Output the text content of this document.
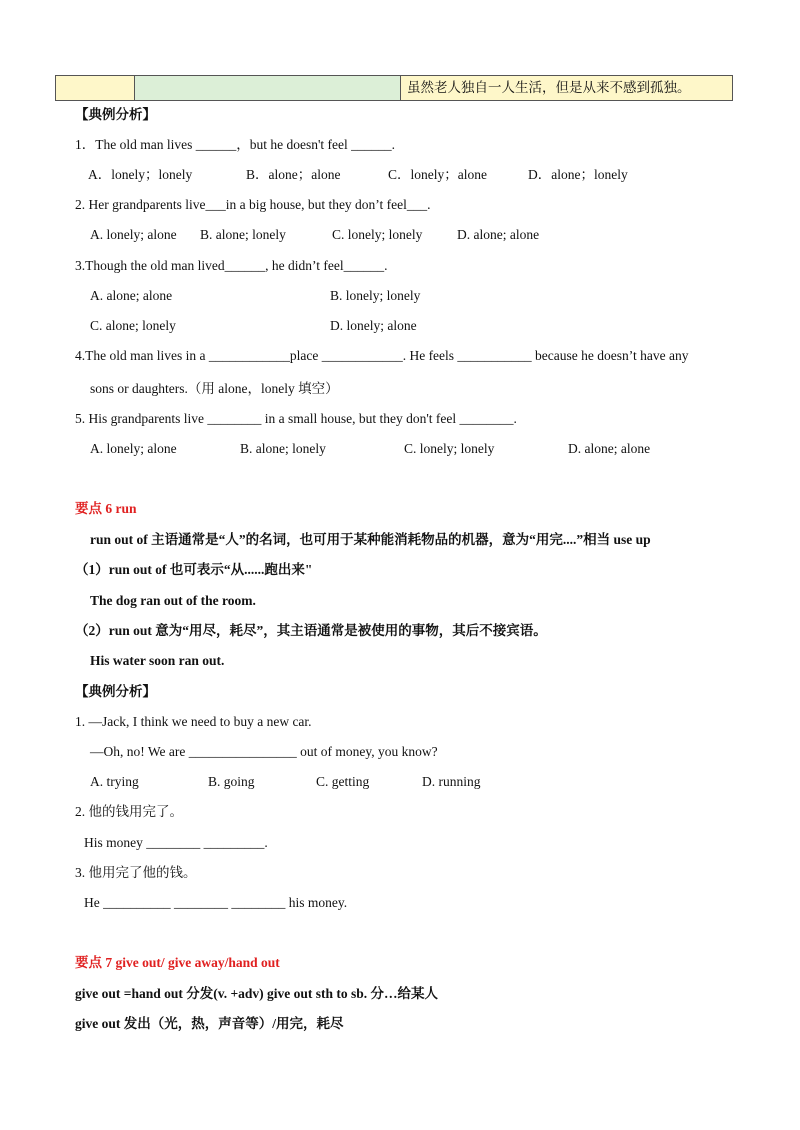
虽然老人独自一人生活，但是从来不感到孤独。
【典例分析】
1．The old man lives ______，but he doesn't feel ______.
A．lonely；lonely	B．alone；alone	C．lonely；alone	D．alone；lonely
2. Her grandparents live___in a big house, but they don’t feel___.
A. lonely; alone B. alone; lonely	C. lonely; lonely	D. alone; alone
3.Though the old man lived______, he didn’t feel______.
A. alone; alone	B. lonely; lonely
C. alone; lonely	D. lonely; alone
4.The old man lives in a ____________place ____________. He feels ___________ because he doesn’t have any
sons or daughters.（用 alone，lonely 填空）
5. His grandparents live ________ in a small house, but they don't feel ________.
A. lonely; alone	B. alone; lonely	C. lonely; lonely	D. alone; alone
要点 6 run
run out of 主语通常是“人”的名词，也可用于某种能消耗物品的机器，意为“用完....”相当 use up
（1）run out of 也可表示“从......跑出来"
The dog ran out of the room.
（2）run out 意为“用尽，耗尽”，其主语通常是被使用的事物，其后不接宾语。
His water soon ran out.
【典例分析】
1. —Jack, I think we need to buy a new car.
—Oh, no! We are ________________ out of money, you know?
A. trying	B. going	C. getting	D. running
2. 他的钱用完了。
His money ________ _________.
3. 他用完了他的钱。
He __________ ________ ________ his money.
要点 7 give out/ give away/hand out
give out =hand out 分发(v. +adv) give out sth to sb. 分…给某人
give out 发出（光，热，声音等）/用完，耗尽
